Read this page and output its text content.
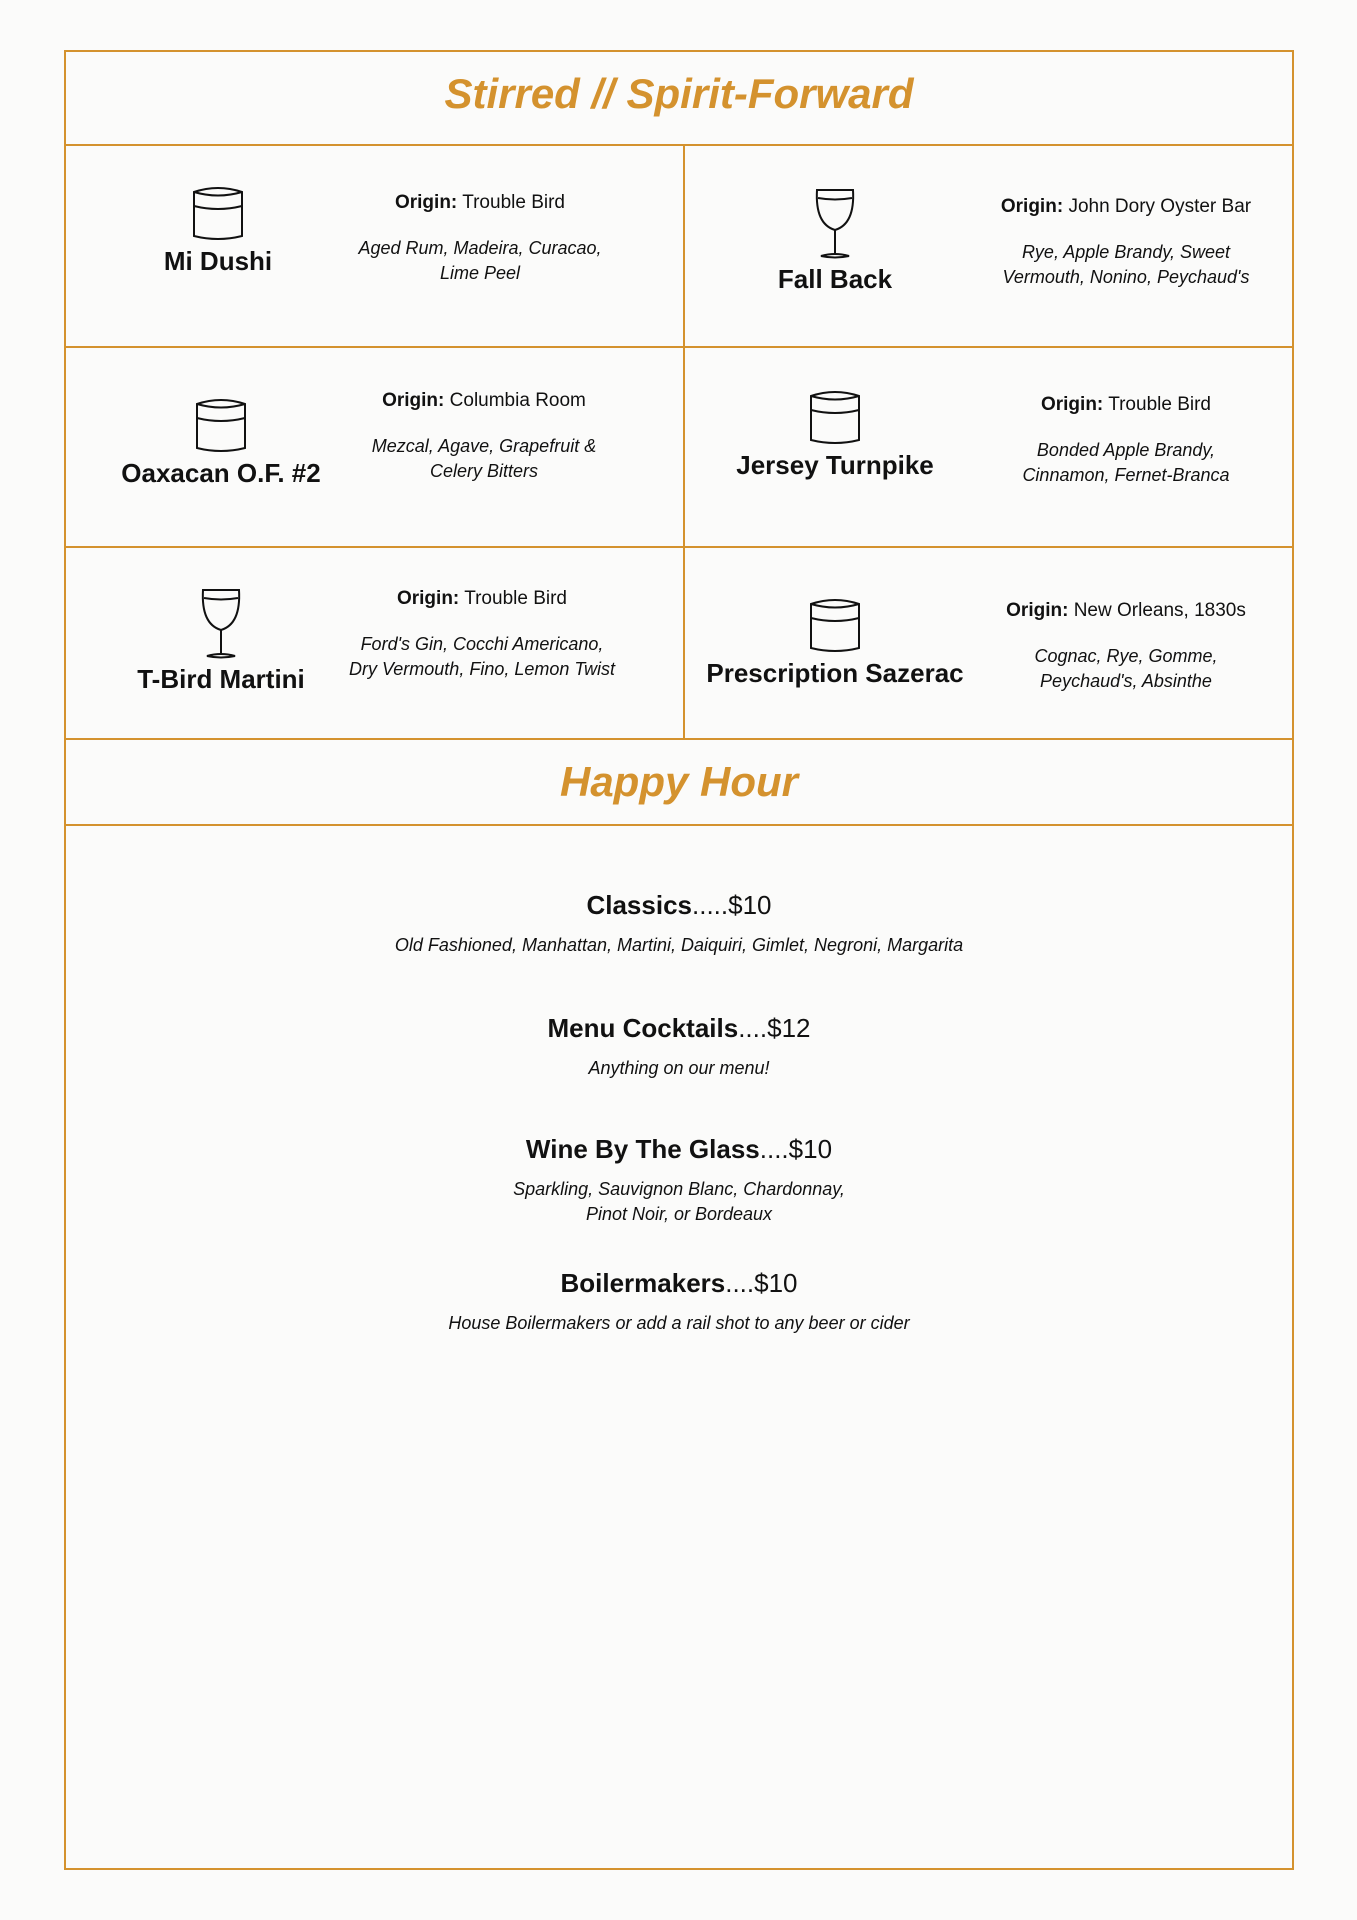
Stirred // Spirit-Forward
Mi Dushi
Origin: Trouble Bird
Aged Rum, Madeira, Curacao,
Lime Peel	Fall Back
Origin: John Dory Oyster Bar
Rye, Apple Brandy, Sweet
Vermouth, Nonino, Peychaud's
Oaxacan O.F. #2
Origin: Columbia Room
Mezcal, Agave, Grapefruit &
Celery Bitters	Jersey Turnpike
Origin: Trouble Bird
Bonded Apple Brandy,
Cinnamon, Fernet-Branca
T-Bird Martini
Origin: Trouble Bird
Ford's Gin, Cocchi Americano,
Dry Vermouth, Fino, Lemon Twist	Prescription Sazerac
Origin: New Orleans, 1830s
Cognac, Rye, Gomme,
Peychaud's, Absinthe
Happy Hour
Classics.....$10
Old Fashioned, Manhattan, Martini, Daiquiri, Gimlet, Negroni, Margarita
Menu Cocktails....$12
Anything on our menu!
Wine By The Glass....$10
Sparkling, Sauvignon Blanc, Chardonnay,
Pinot Noir, or Bordeaux
Boilermakers....$10
House Boilermakers or add a rail shot to any beer or cider
